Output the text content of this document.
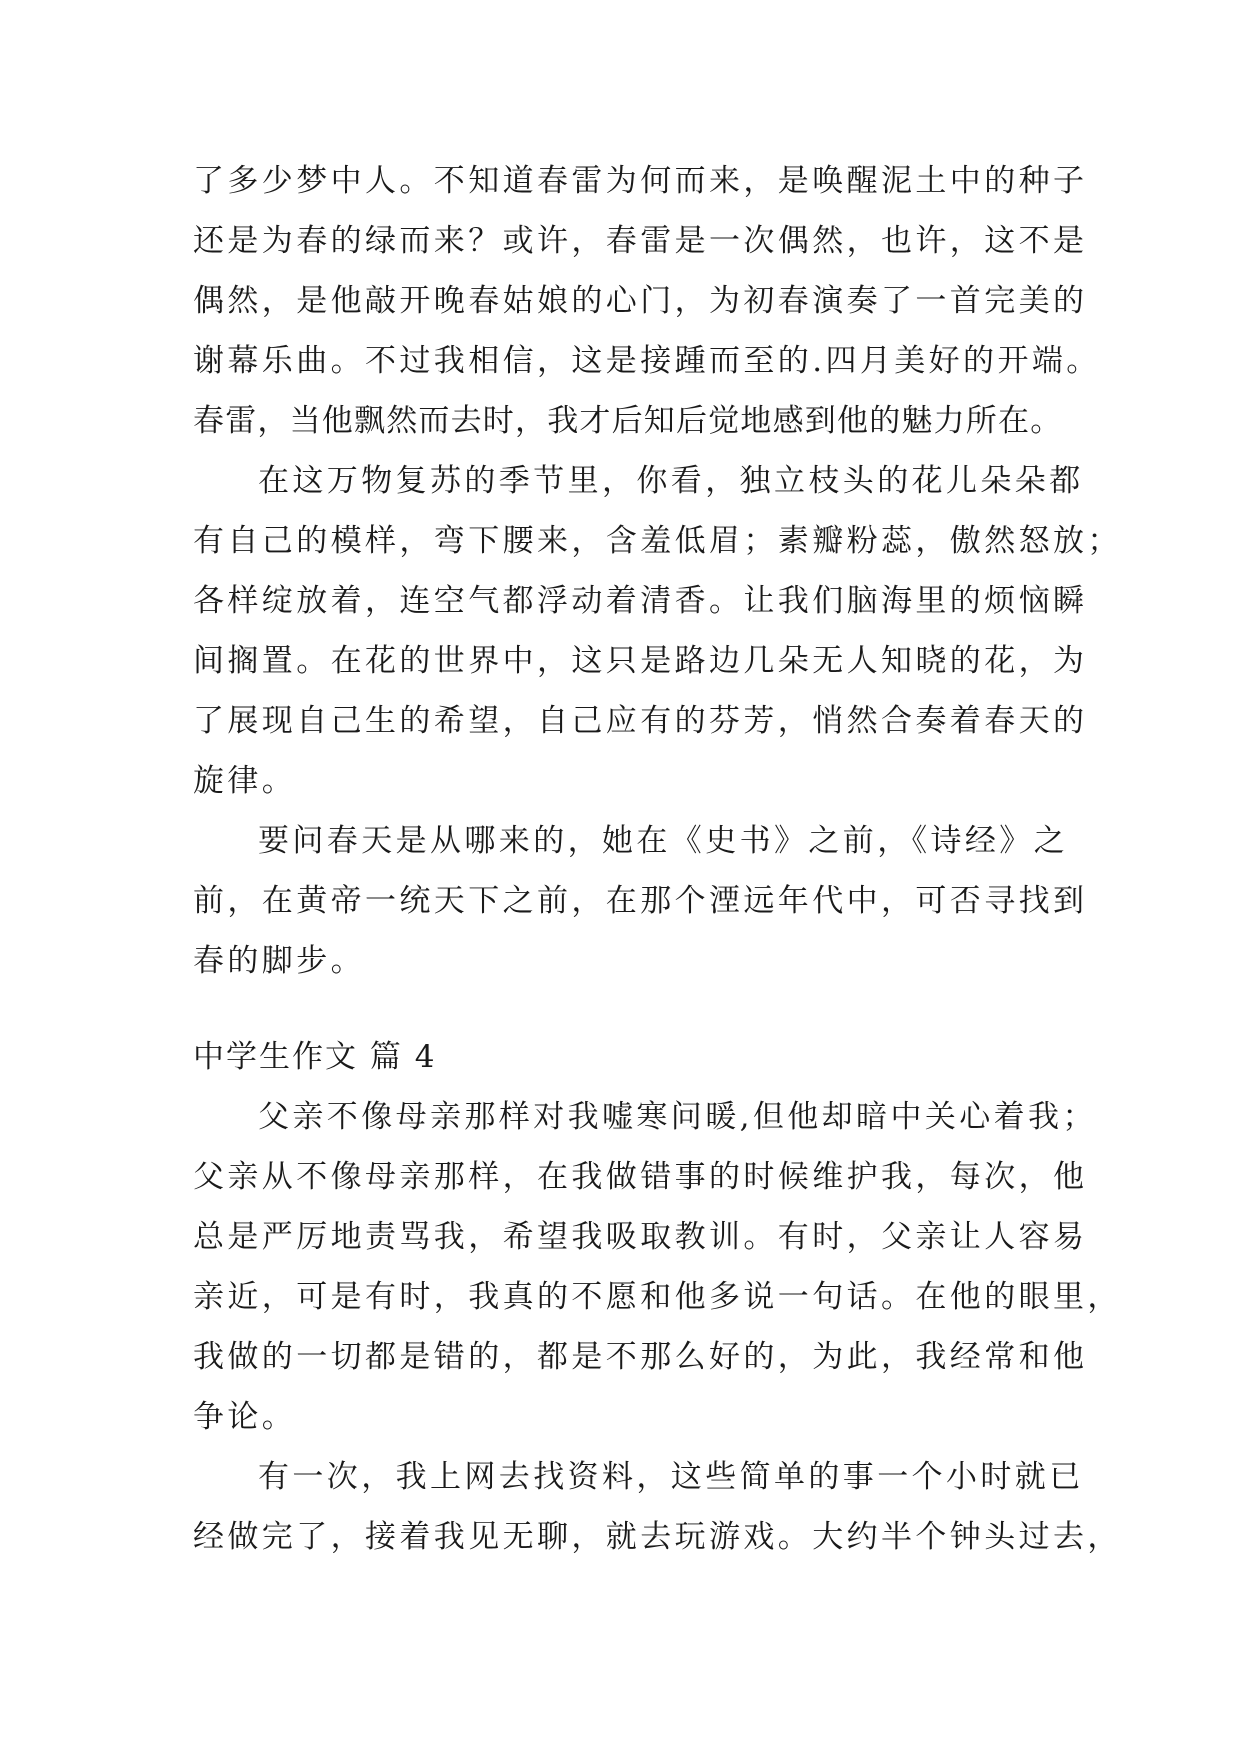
了多少梦中人。不知道春雷为何而来，是唤醒泥土中的种子
还是为春的绿而来？或许，春雷是一次偶然，也许，这不是
偶然，是他敲开晚春姑娘的心门，为初春演奏了一首完美的
谢幕乐曲。不过我相信，这是接踵而至的.四月美好的开端。
春雷，当他飘然而去时，我才后知后觉地感到他的魅力所在。
在这万物复苏的季节里，你看，独立枝头的花儿朵朵都
有自己的模样，弯下腰来，含羞低眉；素瓣粉蕊，傲然怒放；
各样绽放着，连空气都浮动着清香。让我们脑海里的烦恼瞬
间搁置。在花的世界中，这只是路边几朵无人知晓的花，为
了展现自己生的希望，自己应有的芬芳，悄然合奏着春天的
旋律。
要问春天是从哪来的，她在《史书》之前，《诗经》之
前，在黄帝一统天下之前，在那个湮远年代中，可否寻找到
春的脚步。
中学生作文 篇 4
父亲不像母亲那样对我嘘寒问暖,但他却暗中关心着我；
父亲从不像母亲那样，在我做错事的时候维护我，每次，他
总是严厉地责骂我，希望我吸取教训。有时，父亲让人容易
亲近，可是有时，我真的不愿和他多说一句话。在他的眼里，
我做的一切都是错的，都是不那么好的，为此，我经常和他
争论。
有一次，我上网去找资料，这些简单的事一个小时就已
经做完了，接着我见无聊，就去玩游戏。大约半个钟头过去，
